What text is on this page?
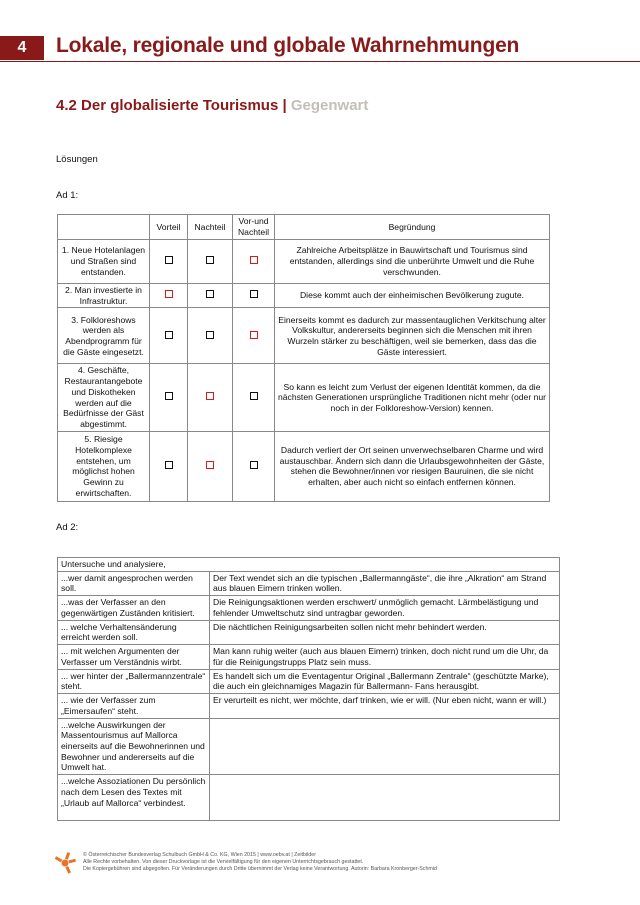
4	Lokale, regionale und globale Wahrnehmungen
4.2 Der globalisierte Tourismus | Gegenwart
Lösungen
Ad 1:
	Vorteil	Nachteil	Vor-und Nachteil	Begründung
1. Neue Hotelanlagen und Straßen sind entstanden.				Zahlreiche Arbeitsplätze in Bauwirtschaft und Tourismus sind entstanden, allerdings sind die unberührte Umwelt und die Ruhe verschwunden.
2. Man investierte in Infrastruktur.				Diese kommt auch der einheimischen Bevölkerung zugute.
3. Folkloreshows werden als Abendprogramm für die Gäste eingesetzt.				Einerseits kommt es dadurch zur massentauglichen Verkitschung alter Volkskultur, andererseits beginnen sich die Menschen mit ihren Wurzeln stärker zu beschäftigen, weil sie bemerken, dass das die Gäste interessiert.
4. Geschäfte, Restaurantangebote und Diskotheken werden auf die Bedürfnisse der Gäst abgestimmt.				So kann es leicht zum Verlust der eigenen Identität kommen, da die nächsten Generationen ursprüngliche Traditionen nicht mehr (oder nur noch in der Folkloreshow-Version) kennen.
5. Riesige Hotelkomplexe entstehen, um möglichst hohen Gewinn zu erwirtschaften.				Dadurch verliert der Ort seinen unverwechselbaren Charme und wird austauschbar. Ändern sich dann die Urlaubsgewohnheiten der Gäste, stehen die Bewohner/innen vor riesigen Bauruinen, die sie nicht erhalten, aber auch nicht so einfach entfernen können.
Ad 2:
Untersuche und analysiere,	
...wer damit angesprochen werden soll.	Der Text wendet sich an die typischen „Ballermanngäste“, die ihre „Alkration“ am Strand aus blauen Eimern trinken wollen.
...was der Verfasser an den gegenwärtigen Zuständen kritisiert.	Die Reinigungsaktionen werden erschwert/ unmöglich gemacht. Lärmbelästigung und fehlender Umweltschutz sind untragbar geworden.
... welche Verhaltensänderung erreicht werden soll.	Die nächtlichen Reinigungsarbeiten sollen nicht mehr behindert werden.
... mit welchen Argumenten der Verfasser um Verständnis wirbt.	Man kann ruhig weiter (auch aus blauen Eimern) trinken, doch nicht rund um die Uhr, da für die Reinigungstrupps Platz sein muss.
... wer hinter der „Ballermannzentrale“ steht.	Es handelt sich um die Eventagentur Original „Ballermann Zentrale“ (geschützte Marke), die auch ein gleichnamiges Magazin für Ballermann- Fans herausgibt.
... wie der Verfasser zum „Eimersaufen“ steht.	Er verurteilt es nicht, wer möchte, darf trinken, wie er will. (Nur eben nicht, wann er will.)
...welche Auswirkungen der Massentourismus auf Mallorca einerseits auf die Bewohnerinnen und Bewohner und andererseits auf die Umwelt hat.	
...welche Assoziationen Du persönlich nach dem Lesen des Textes mit „Urlaub auf Mallorca“ verbindest.	
© Österreichischer Bundesverlag Schulbuch GmbH & Co. KG, Wien 2015 | www.oebv.at | Zeitbilder
Alle Rechte vorbehalten. Von dieser Druckvorlage ist die Vervielfältigung für den eigenen Unterrichtsgebrauch gestattet.
Die Kopiergebühren sind abgegolten. Für Veränderungen durch Dritte übernimmt der Verlag keine Verantwortung. Autorin: Barbara Kronberger-Schmid
